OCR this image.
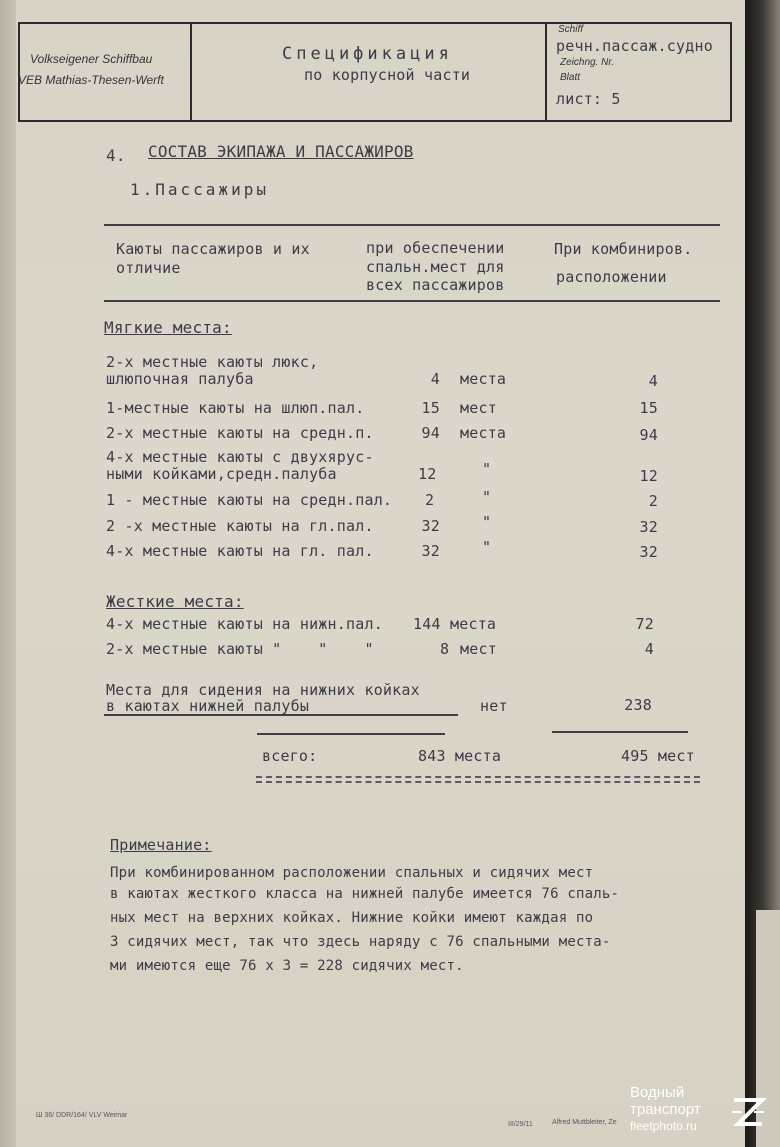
Volkseigener Schiffbau
VEB Mathias-Thesen-Werft
Спецификация
по корпусной части
Schiff
речн.пассаж.судно
Zeichng. Nr.
Blatt
лист: 5
4. СОСТАВ ЭКИПАЖА И ПАССАЖИРОВ
1.Пассажиры
Каюты пассажиров и их
отличие
при обеспечении
спальн.мест для
всех пассажиров
При комбиниров.
расположении
Мягкие места:
2-х местные каюты люкс,
шлюпочная палуба	4 места	4
1-местные каюты на шлюп.пал.	15 мест	15
2-х местные каюты на средн.п.	94 места	94
4-х местные каюты с двухярус-
ными койками,средн.палуба	12	"	12
1 - местные каюты на средн.пал. 2	"	2
2 -х местные каюты на гл.пал.	32	"	32
4-х местные каюты на гл. пал.	32	"	32
Жесткие места:
4-х местные каюты на нижн.пал. 144 места	72
2-х местные каюты "    "    "	8 мест	4
Места для сидения на нижних койках
в каютах нижней палубы	нет	238
всего:	843 места	495 мест
Примечание:
При комбинированном расположении спальных и сидячих мест
в каютах жесткого класса на нижней палубе имеется 76 спаль-
ных мест на верхних койках. Нижние койки имеют каждая по
3 сидячих мест, так что здесь наряду с 76 спальными места-
ми имеются еще 76 х 3 = 228 сидячих мест.
Ш 36/ DDR/164/ VLV Weimar
III/29/11	Alfred Muttbleiter, Ze
Водный
транспорт
fleetphoto.ru
